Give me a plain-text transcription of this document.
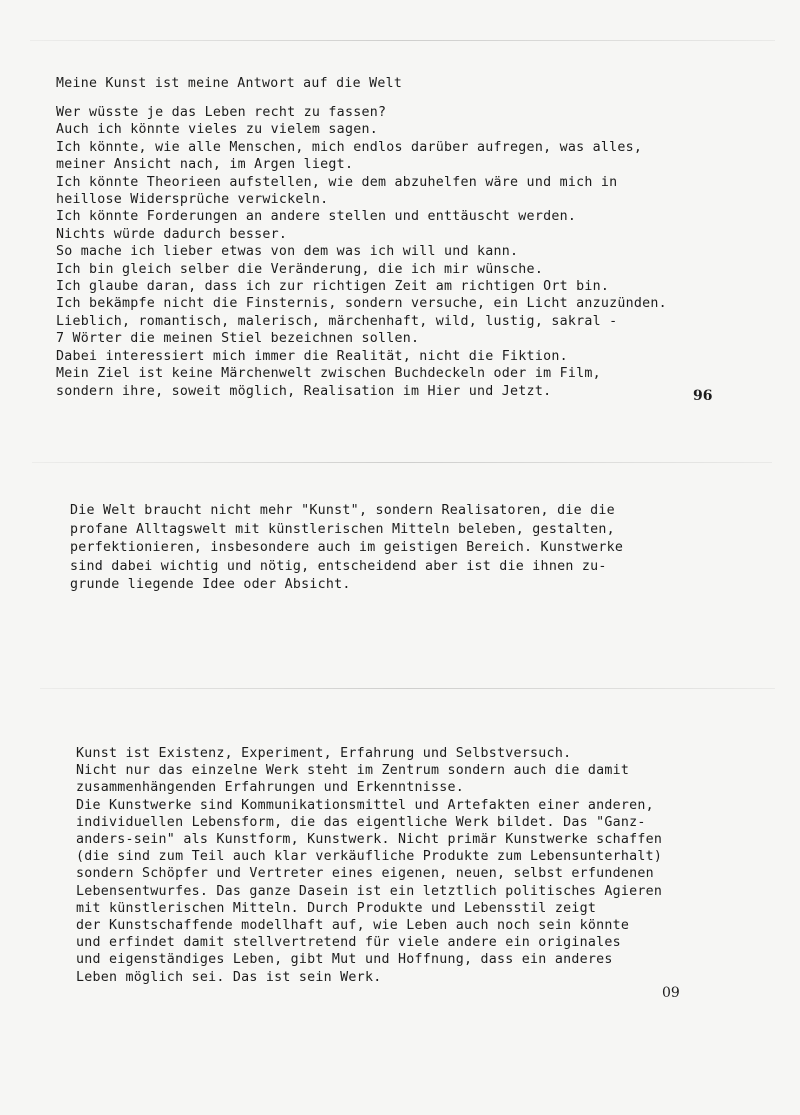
Meine Kunst ist meine Antwort auf die Welt
Wer wüsste je das Leben recht zu fassen?
Auch ich könnte vieles zu vielem sagen.
Ich könnte, wie alle Menschen, mich endlos darüber aufregen, was alles,
meiner Ansicht nach, im Argen liegt.
Ich könnte Theorieen aufstellen, wie dem abzuhelfen wäre und mich in
heillose Widersprüche verwickeln.
Ich könnte Forderungen an andere stellen und enttäuscht werden.
Nichts würde dadurch besser.
So mache ich lieber etwas von dem was ich will und kann.
Ich bin gleich selber die Veränderung, die ich mir wünsche.
Ich glaube daran, dass ich zur richtigen Zeit am richtigen Ort bin.
Ich bekämpfe nicht die Finsternis, sondern versuche, ein Licht anzuzünden.
Lieblich, romantisch, malerisch, märchenhaft, wild, lustig, sakral -
7 Wörter die meinen Stiel bezeichnen sollen.
Dabei interessiert mich immer die Realität, nicht die Fiktion.
Mein Ziel ist keine Märchenwelt zwischen Buchdeckeln oder im Film,
sondern ihre, soweit möglich, Realisation im Hier und Jetzt.	96
Die Welt braucht nicht mehr "Kunst", sondern Realisatoren, die die
profane Alltagswelt mit künstlerischen Mitteln beleben, gestalten,
perfektionieren, insbesondere auch im geistigen Bereich. Kunstwerke
sind dabei wichtig und nötig, entscheidend aber ist die ihnen zu-
grunde liegende Idee oder Absicht.
Kunst ist Existenz, Experiment, Erfahrung und Selbstversuch.
Nicht nur das einzelne Werk steht im Zentrum sondern auch die damit
zusammenhängenden Erfahrungen und Erkenntnisse.
Die Kunstwerke sind Kommunikationsmittel und Artefakten einer anderen,
individuellen Lebensform, die das eigentliche Werk bildet. Das "Ganz-
anders-sein" als Kunstform, Kunstwerk. Nicht primär Kunstwerke schaffen
(die sind zum Teil auch klar verkäufliche Produkte zum Lebensunterhalt)
sondern Schöpfer und Vertreter eines eigenen, neuen, selbst erfundenen
Lebensentwurfes. Das ganze Dasein ist ein letztlich politisches Agieren
mit künstlerischen Mitteln. Durch Produkte und Lebensstil zeigt
der Kunstschaffende modellhaft auf, wie Leben auch noch sein könnte
und erfindet damit stellvertretend für viele andere ein originales
und eigenständiges Leben, gibt Mut und Hoffnung, dass ein anderes
Leben möglich sei. Das ist sein Werk.
09
